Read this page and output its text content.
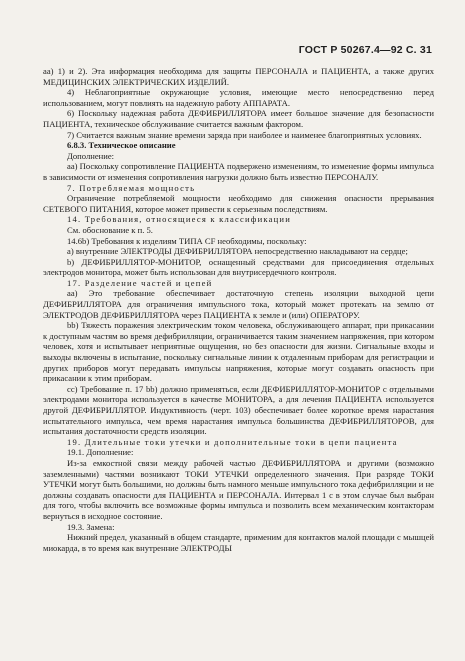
ГОСТ Р 50267.4—92 С. 31

аа) 1) и 2). Эта информация необходима для защиты ПЕРСОНАЛА и ПАЦИЕНТА, а также других МЕДИЦИНСКИХ ЭЛЕКТРИЧЕСКИХ ИЗДЕЛИЙ.

4) Неблагоприятные окружающие условия, имеющие место непосредственно перед использованием, могут повлиять на надежную работу АППАРАТА.

6) Поскольку надежная работа ДЕФИБРИЛЛЯТОРА имеет большое значение для безопасности ПАЦИЕНТА, техническое обслуживание считается важным фактором.

7) Считается важным знание времени заряда при наиболее и наименее благоприятных условиях.

6.8.3. Техническое описание

Дополнение:

аа) Поскольку сопротивление ПАЦИЕНТА подвержено изменениям, то изменение формы импульса в зависимости от изменения сопротивления нагрузки должно быть известно ПЕРСОНАЛУ.

7. Потребляемая мощность

Ограничение потребляемой мощности необходимо для снижения опасности прерывания СЕТЕВОГО ПИТАНИЯ, которое может привести к серьезным последствиям.

14. Требования, относящиеся к классификации

См. обоснование к п. 5.

14.6b) Требования к изделиям ТИПА CF необходимы, поскольку:

а) внутренние ЭЛЕКТРОДЫ ДЕФИБРИЛЛЯТОРА непосредственно накладывают на сердце;

b) ДЕФИБРИЛЛЯТОР-МОНИТОР, оснащенный средствами для присоединения отдельных электродов монитора, может быть использован для внутрисердечного контроля.

17. Разделение частей и цепей

аа) Это требование обеспечивает достаточную степень изоляции выходной цепи ДЕФИБРИЛЛЯТОРА для ограничения импульсного тока, который может протекать на землю от ЭЛЕКТРОДОВ ДЕФИБРИЛЛЯТОРА через ПАЦИЕНТА к земле и (или) ОПЕРАТОРУ.

bb) Тяжесть поражения электрическим током человека, обслуживающего аппарат, при прикасании к доступным частям во время дефибрилляции, ограничивается таким значением напряжения, при котором человек, хотя и испытывает неприятные ощущения, но без опасности для жизни. Сигнальные входы и выходы включены в испытание, поскольку сигнальные линии к отдаленным приборам для регистрации и других приборов могут передавать импульсы напряжения, которые могут создавать опасность при прикасании к этим приборам.

cc) Требование п. 17 bb) должно применяться, если ДЕФИБРИЛЛЯТОР-МОНИТОР с отдельными электродами монитора используется в качестве МОНИТОРА, а для лечения ПАЦИЕНТА используется другой ДЕФИБРИЛЛЯТОР. Индуктивность (черт. 103) обеспечивает более короткое время нарастания испытательного импульса, чем время нарастания импульса большинства ДЕФИБРИЛЛЯТОРОВ, для испытания достаточности средств изоляции.

19. Длительные токи утечки и дополнительные токи в цепи пациента

19.1. Дополнение:

Из-за емкостной связи между рабочей частью ДЕФИБРИЛЛЯТОРА и другими (возможно заземленными) частями возникают ТОКИ УТЕЧКИ определенного значения. При разряде ТОКИ УТЕЧКИ могут быть большими, но должны быть намного меньше импульсного тока дефибрилляции и не должны создавать опасности для ПАЦИЕНТА и ПЕРСОНАЛА. Интервал 1 с в этом случае был выбран для того, чтобы включить все возможные формы импульса и позволить всем механическим контакторам вернуться в исходное состояние.

19.3. Замена:

Нижний предел, указанный в общем стандарте, применим для контактов малой площади с мышцей миокарда, в то время как внутренние ЭЛЕКТРОДЫ
